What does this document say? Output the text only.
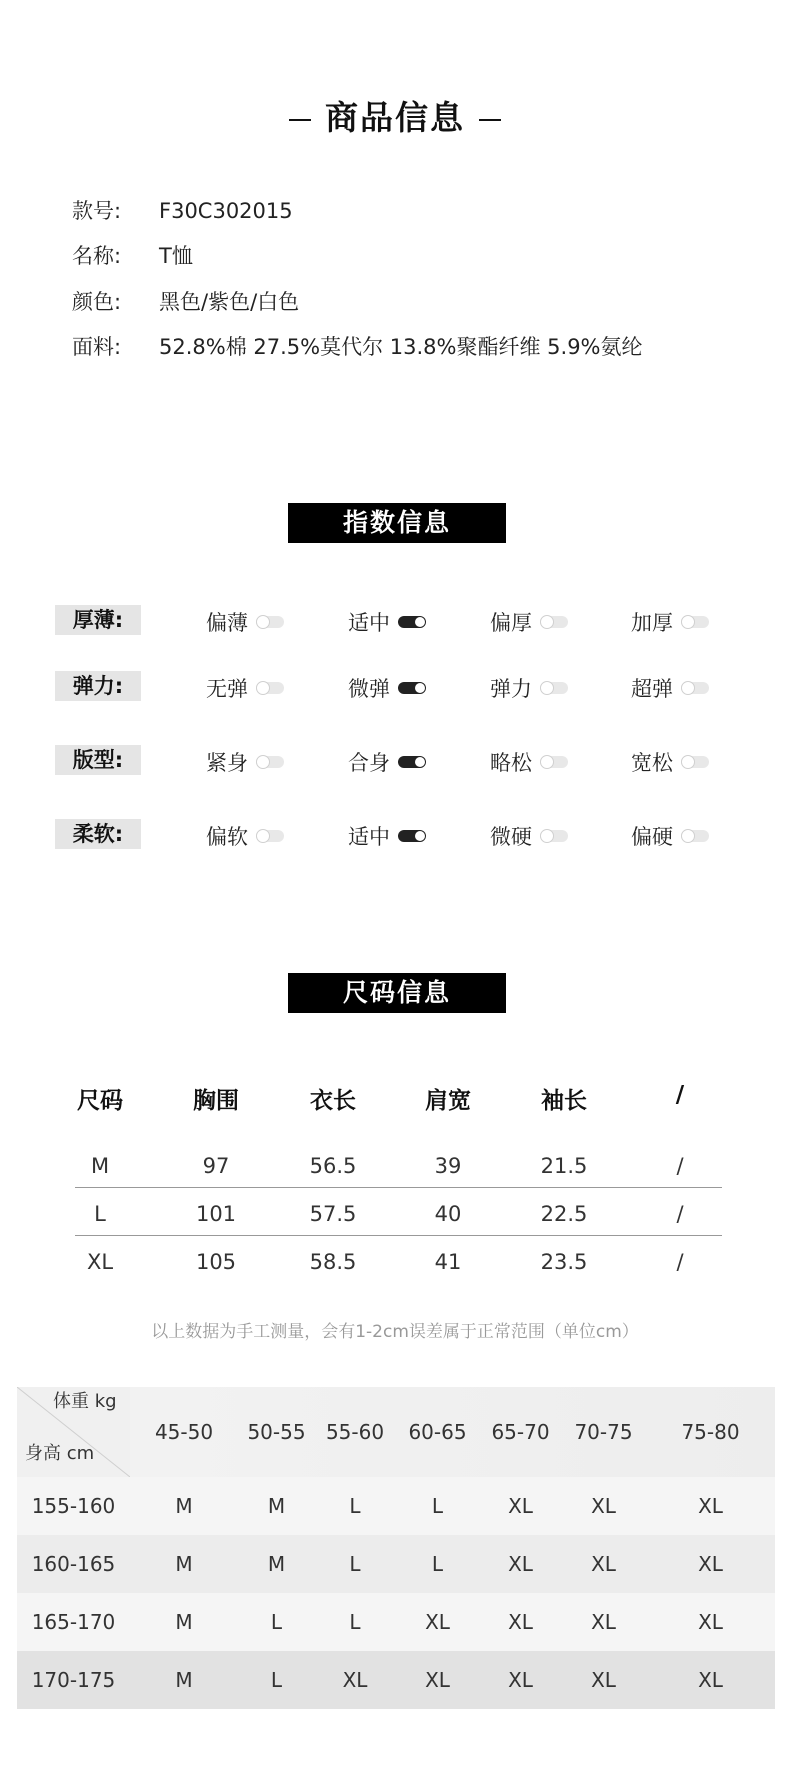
商品信息
款号: F30C302015
名称: T恤
颜色: 黑色/紫色/白色
面料: 52.8%棉 27.5%莫代尔 13.8%聚酯纤维 5.9%氨纶
指数信息
厚薄:	偏薄	适中	偏厚	加厚
弹力:	无弹	微弹	弹力	超弹
版型:	紧身	合身	略松	宽松
柔软:	偏软	适中	微硬	偏硬
尺码信息
尺码	胸围	衣长	肩宽	袖长	/
M	97	56.5	39	21.5	/
L	101	57.5	40	22.5	/
XL	105	58.5	41	23.5	/
以上数据为手工测量，会有1-2cm误差属于正常范围（单位cm）
体重 kg
身高 cm
45-50	50-55	55-60	60-65	65-70	70-75	75-80
155-160	M	M	L	L	XL	XL	XL
160-165	M	M	L	L	XL	XL	XL
165-170	M	L	L	XL	XL	XL	XL
170-175	M	L	XL	XL	XL	XL	XL
